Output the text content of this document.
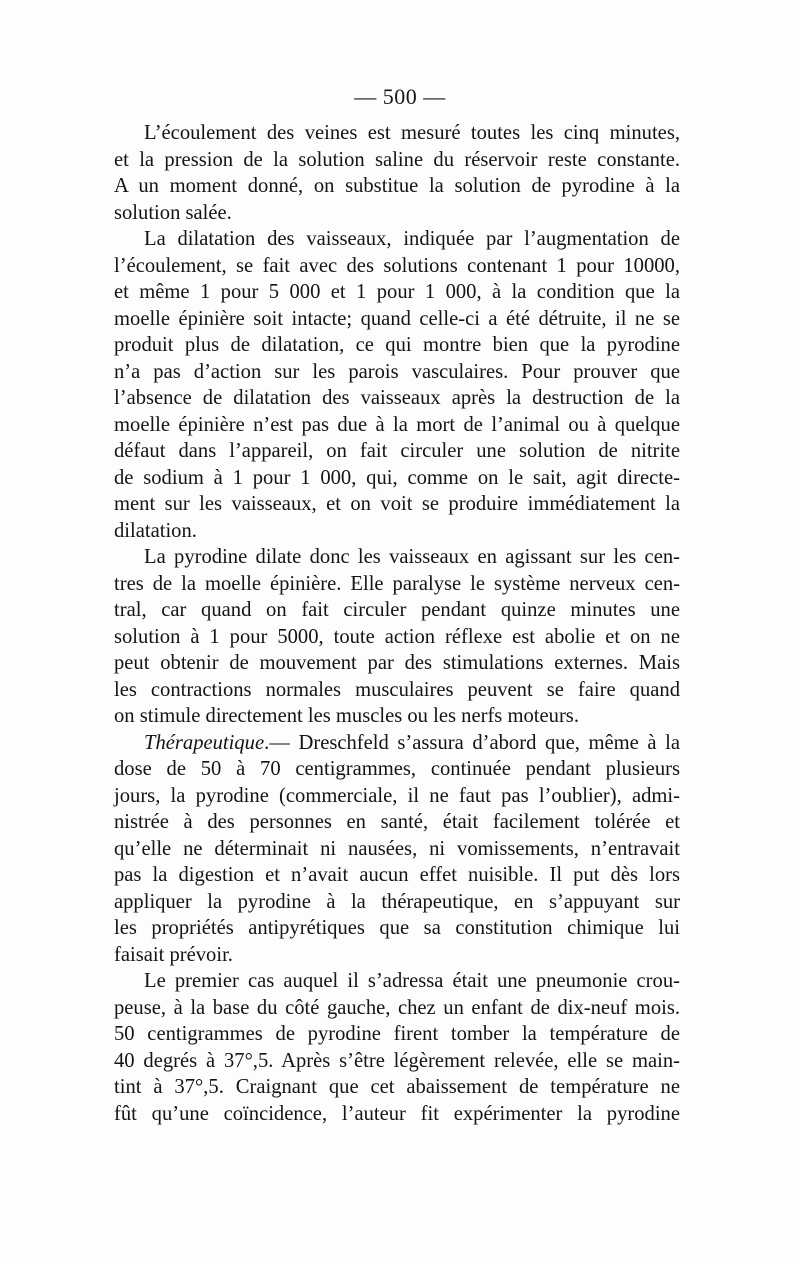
— 500 —

L’écoulement des veines est mesuré toutes les cinq minutes,

et la pression de la solution saline du réservoir reste constante.

A un moment donné, on substitue la solution de pyrodine à la

solution salée.

La dilatation des vaisseaux, indiquée par l’augmentation de

l’écoulement, se fait avec des solutions contenant 1 pour 10000,

et même 1 pour 5 000 et 1 pour 1 000, à la condition que la

moelle épinière soit intacte; quand celle-ci a été détruite, il ne se

produit plus de dilatation, ce qui montre bien que la pyrodine

n’a pas d’action sur les parois vasculaires. Pour prouver que

l’absence de dilatation des vaisseaux après la destruction de la

moelle épinière n’est pas due à la mort de l’animal ou à quelque

défaut dans l’appareil, on fait circuler une solution de nitrite

de sodium à 1 pour 1 000, qui, comme on le sait, agit directe-

ment sur les vaisseaux, et on voit se produire immédiatement la

dilatation.

La pyrodine dilate donc les vaisseaux en agissant sur les cen-

tres de la moelle épinière. Elle paralyse le système nerveux cen-

tral, car quand on fait circuler pendant quinze minutes une

solution à 1 pour 5000, toute action réflexe est abolie et on ne

peut obtenir de mouvement par des stimulations externes. Mais

les contractions normales musculaires peuvent se faire quand

on stimule directement les muscles ou les nerfs moteurs.

Thérapeutique.— Dreschfeld s’assura d’abord que, même à la

dose de 50 à 70 centigrammes, continuée pendant plusieurs

jours, la pyrodine (commerciale, il ne faut pas l’oublier), admi-

nistrée à des personnes en santé, était facilement tolérée et

qu’elle ne déterminait ni nausées, ni vomissements, n’entravait

pas la digestion et n’avait aucun effet nuisible. Il put dès lors

appliquer la pyrodine à la thérapeutique, en s’appuyant sur

les propriétés antipyrétiques que sa constitution chimique lui

faisait prévoir.

Le premier cas auquel il s’adressa était une pneumonie crou-

peuse, à la base du côté gauche, chez un enfant de dix-neuf mois.

50 centigrammes de pyrodine firent tomber la température de

40 degrés à 37°,5. Après s’être légèrement relevée, elle se main-

tint à 37°,5. Craignant que cet abaissement de température ne

fût qu’une coïncidence, l’auteur fit expérimenter la pyrodine
